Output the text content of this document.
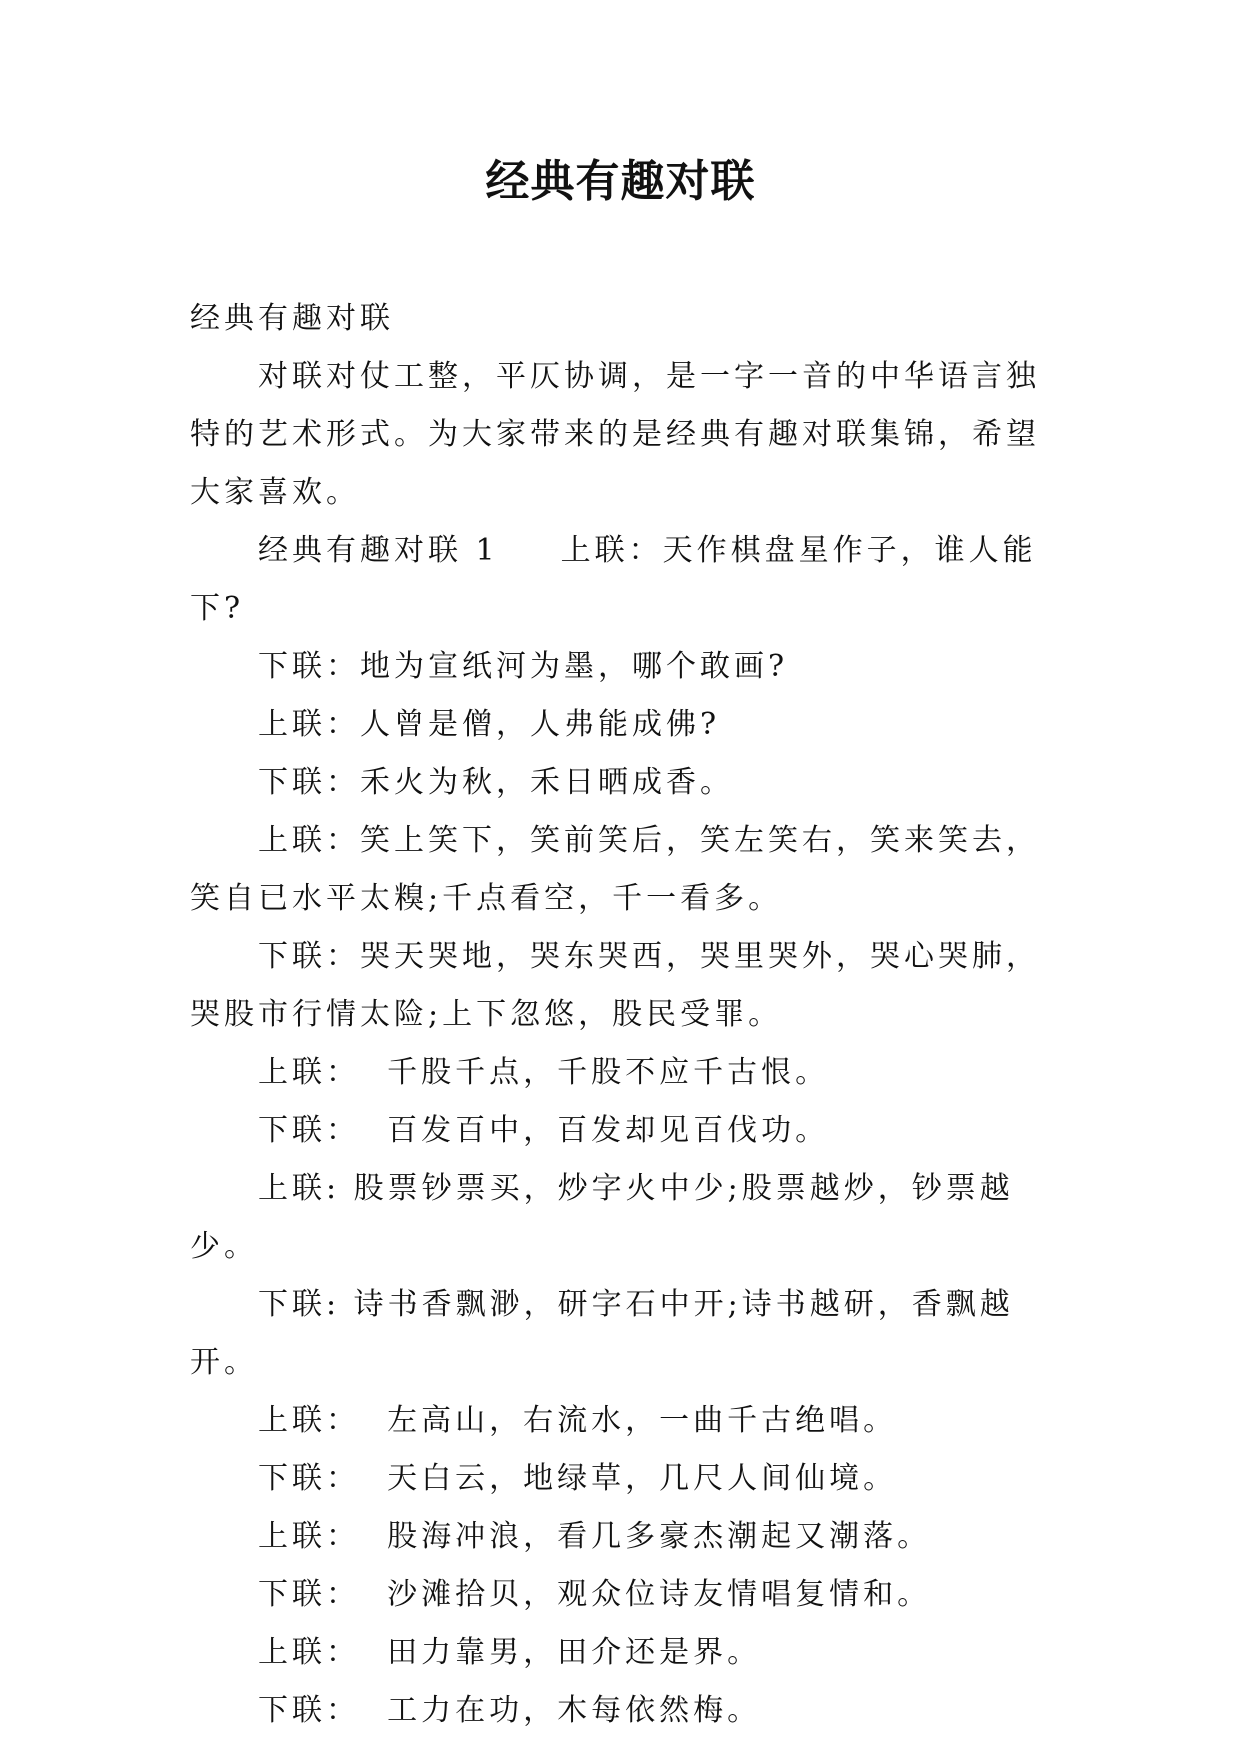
经典有趣对联

经典有趣对联

对联对仗工整，平仄协调，是一字一音的中华语言独特的艺术形式。为大家带来的是经典有趣对联集锦，希望大家喜欢。

经典有趣对联 1 上联：天作棋盘星作子，谁人能下?

下联：地为宣纸河为墨，哪个敢画?

上联：人曾是僧，人弗能成佛?

下联：禾火为秋，禾日晒成香。

上联：笑上笑下，笑前笑后，笑左笑右，笑来笑去，笑自已水平太糗;千点看空，千一看多。

下联：哭天哭地，哭东哭西，哭里哭外，哭心哭肺，哭股市行情太险;上下忽悠，股民受罪。

上联：  千股千点，千股不应千古恨。

下联：  百发百中，百发却见百伐功。

上联: 股票钞票买，炒字火中少;股票越炒，钞票越少。

下联: 诗书香飘渺，研字石中开;诗书越研，香飘越开。

上联：  左高山，右流水，一曲千古绝唱。

下联：  天白云，地绿草，几尺人间仙境。

上联：  股海冲浪，看几多豪杰潮起又潮落。

下联：  沙滩拾贝，观众位诗友情唱复情和。

上联：  田力靠男，田介还是界。

下联：  工力在功，木每依然梅。
